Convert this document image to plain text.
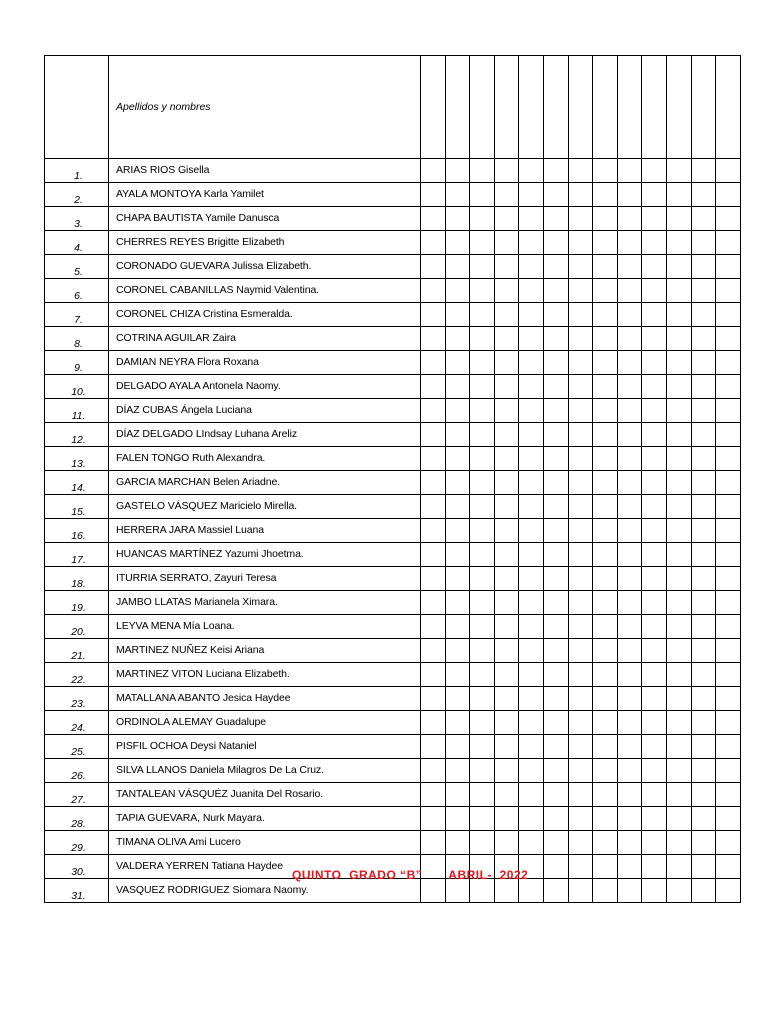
	Apellidos y nombres													
1.	ARIAS RIOS Gisella													
2.	AYALA MONTOYA Karla Yamilet													
3.	CHAPA BAUTISTA Yamile Danusca													
4.	CHERRES REYES Brigitte Elizabeth													
5.	CORONADO GUEVARA Julissa Elizabeth.													
6.	CORONEL CABANILLAS Naymid Valentina.													
7.	CORONEL CHIZA Cristina Esmeralda.													
8.	COTRINA AGUILAR Zaira													
9.	DAMIAN NEYRA Flora Roxana													
10.	DELGADO AYALA Antonela Naomy.													
11.	DÍAZ CUBAS Ángela Luciana													
12.	DÍAZ DELGADO LIndsay Luhana Areliz													
13.	FALEN TONGO Ruth Alexandra.													
14.	GARCIA MARCHAN Belen Ariadne.													
15.	GASTELO VÁSQUEZ Maricielo Mirella.													
16.	HERRERA JARA Massiel Luana													
17.	HUANCAS MARTÍNEZ Yazumi Jhoetma.													
18.	ITURRIA SERRATO, Zayuri Teresa													
19.	JAMBO LLATAS Marianela Ximara.													
20.	LEYVA MENA Mía Loana.													
21.	MARTINEZ NUÑEZ Keisi Ariana													
22.	MARTINEZ VITON Luciana Elizabeth.													
23.	MATALLANA ABANTO Jesica Haydee													
24.	ORDINOLA ALEMAY Guadalupe													
25.	PISFIL OCHOA Deysi Nataniel													
26.	SILVA LLANOS Daniela Milagros De La Cruz.													
27.	TANTALEAN VÁSQUÉZ Juanita Del Rosario.													
28.	TAPIA GUEVARA, Nurk Mayara.													
29.	TIMANA OLIVA Ami Lucero													
30.	VALDERA YERREN Tatiana Haydee													
31.	VASQUEZ RODRIGUEZ Siomara Naomy.													
QUINTO  GRADO “B” ABRIL-  2022
